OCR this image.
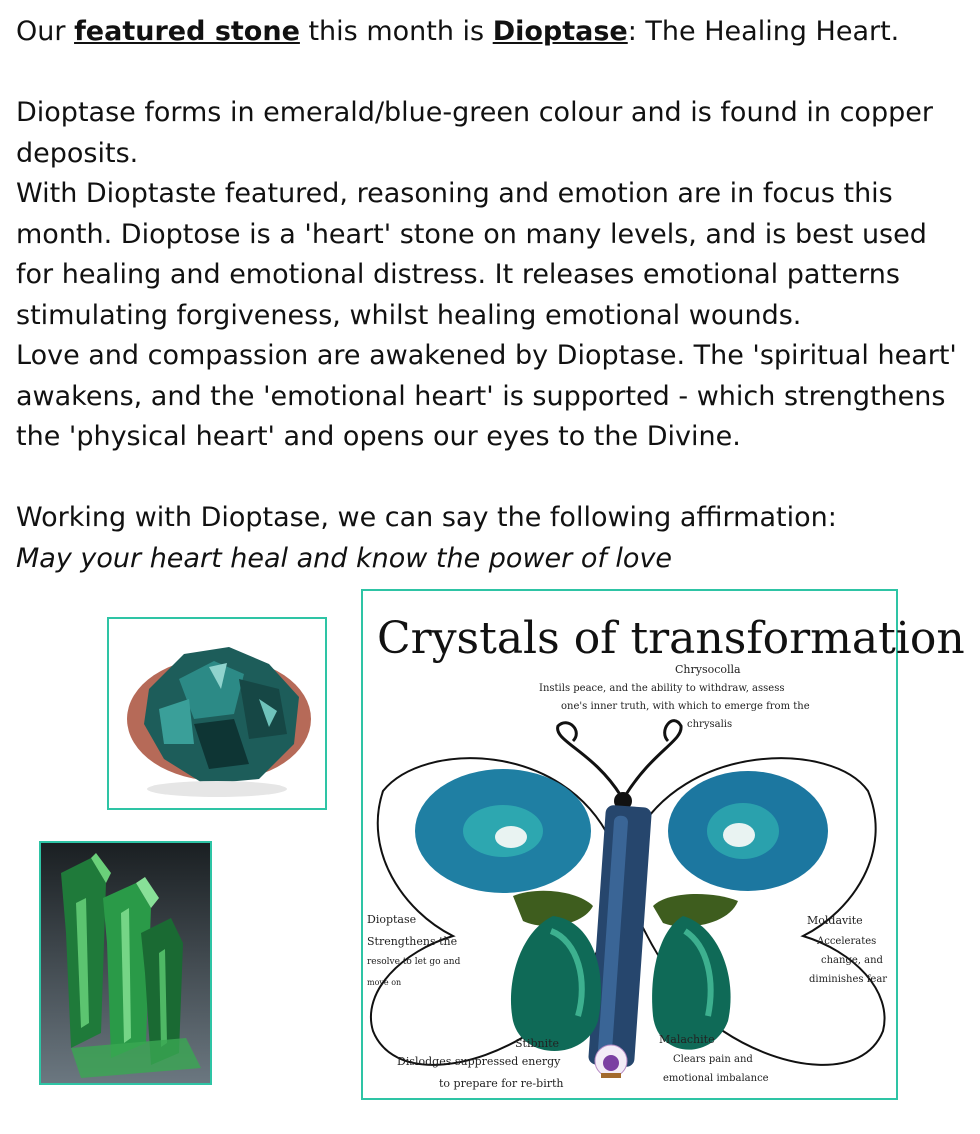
Our featured stone this month is Dioptase: The Healing Heart.

Dioptase forms in emerald/blue-green colour and is found in copper deposits.

With Dioptaste featured, reasoning and emotion are in focus this month. Dioptose is a 'heart' stone on many levels, and is best used for healing and emotional distress. It releases emotional patterns stimulating forgiveness, whilst healing emotional wounds.

Love and compassion are awakened by Dioptase. The 'spiritual heart' awakens, and the 'emotional heart' is supported - which strengthens the 'physical heart' and opens our eyes to the Divine.

Working with Dioptase, we can say the following affirmation:

May your heart heal and know the power of love

Crystals of transformation
Chrysocolla
Instils peace, and the ability to withdraw, assess
one's inner truth, with which to emerge from the
chrysalis
Dioptase
Strengthens the
resolve to let go and
move on
Moldavite
Accelerates
change, and
diminishes fear
Stibnite
Dislodges suppressed energy
to prepare for re-birth
Malachite
Clears pain and
emotional imbalance
